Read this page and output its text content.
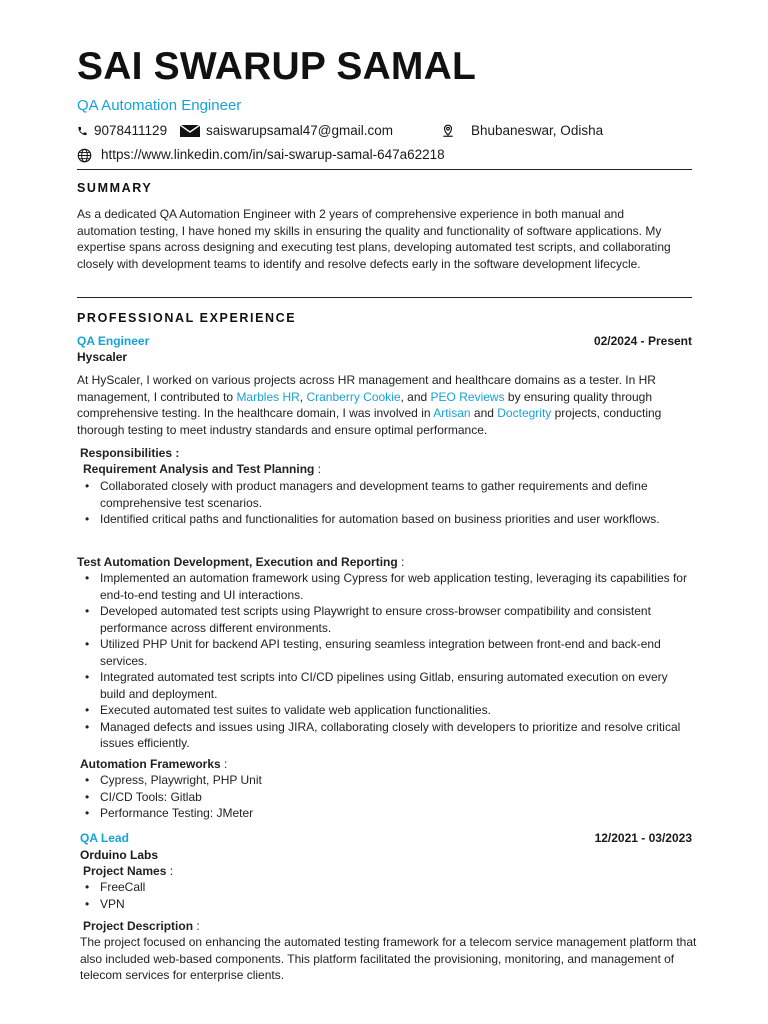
SAI SWARUP SAMAL
QA Automation Engineer
9078411129	saiswarupsamal47@gmail.com	Bhubaneswar, Odisha
https://www.linkedin.com/in/sai-swarup-samal-647a62218
SUMMARY
As a dedicated QA Automation Engineer with 2 years of comprehensive experience in both manual and automation testing, I have honed my skills in ensuring the quality and functionality of software applications. My expertise spans across designing and executing test plans, developing automated test scripts, and collaborating closely with development teams to identify and resolve defects early in the software development lifecycle.
PROFESSIONAL EXPERIENCE
QA Engineer	02/2024 - Present
Hyscaler
At HyScaler, I worked on various projects across HR management and healthcare domains as a tester. In HR management, I contributed to Marbles HR, Cranberry Cookie, and PEO Reviews by ensuring quality through comprehensive testing. In the healthcare domain, I was involved in Artisan and Doctegrity projects, conducting thorough testing to meet industry standards and ensure optimal performance.
Responsibilities :
Requirement Analysis and Test Planning :
• Collaborated closely with product managers and development teams to gather requirements and define comprehensive test scenarios.
• Identified critical paths and functionalities for automation based on business priorities and user workflows.
Test Automation Development, Execution and Reporting :
• Implemented an automation framework using Cypress for web application testing, leveraging its capabilities for end-to-end testing and UI interactions.
• Developed automated test scripts using Playwright to ensure cross-browser compatibility and consistent performance across different environments.
• Utilized PHP Unit for backend API testing, ensuring seamless integration between front-end and back-end services.
• Integrated automated test scripts into CI/CD pipelines using Gitlab, ensuring automated execution on every build and deployment.
• Executed automated test suites to validate web application functionalities.
• Managed defects and issues using JIRA, collaborating closely with developers to prioritize and resolve critical issues efficiently.
Automation Frameworks :
• Cypress, Playwright, PHP Unit
• CI/CD Tools: Gitlab
• Performance Testing: JMeter
QA Lead	12/2021 - 03/2023
Orduino Labs
Project Names :
• FreeCall
• VPN
Project Description :
The project focused on enhancing the automated testing framework for a telecom service management platform that also included web-based components. This platform facilitated the provisioning, monitoring, and management of telecom services for enterprise clients.
